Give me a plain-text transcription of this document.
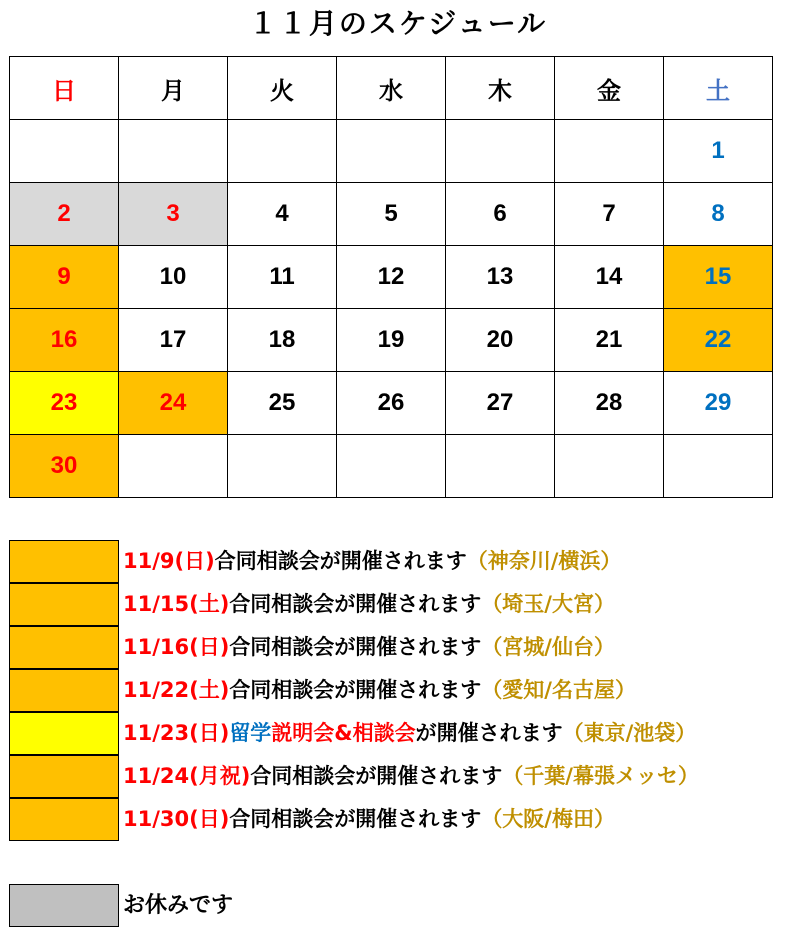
１１月のスケジュール
日	月	火	水	木	金	土
						1
2	3	4	5	6	7	8
9	10	11	12	13	14	15
16	17	18	19	20	21	22
23	24	25	26	27	28	29
30						
11/9(日)合同相談会が開催されます（神奈川/横浜）
11/15(土)合同相談会が開催されます（埼玉/大宮）
11/16(日)合同相談会が開催されます（宮城/仙台）
11/22(土)合同相談会が開催されます（愛知/名古屋）
11/23(日)留学説明会&相談会が開催されます（東京/池袋）
11/24(月祝)合同相談会が開催されます（千葉/幕張メッセ）
11/30(日)合同相談会が開催されます（大阪/梅田）
お休みです
